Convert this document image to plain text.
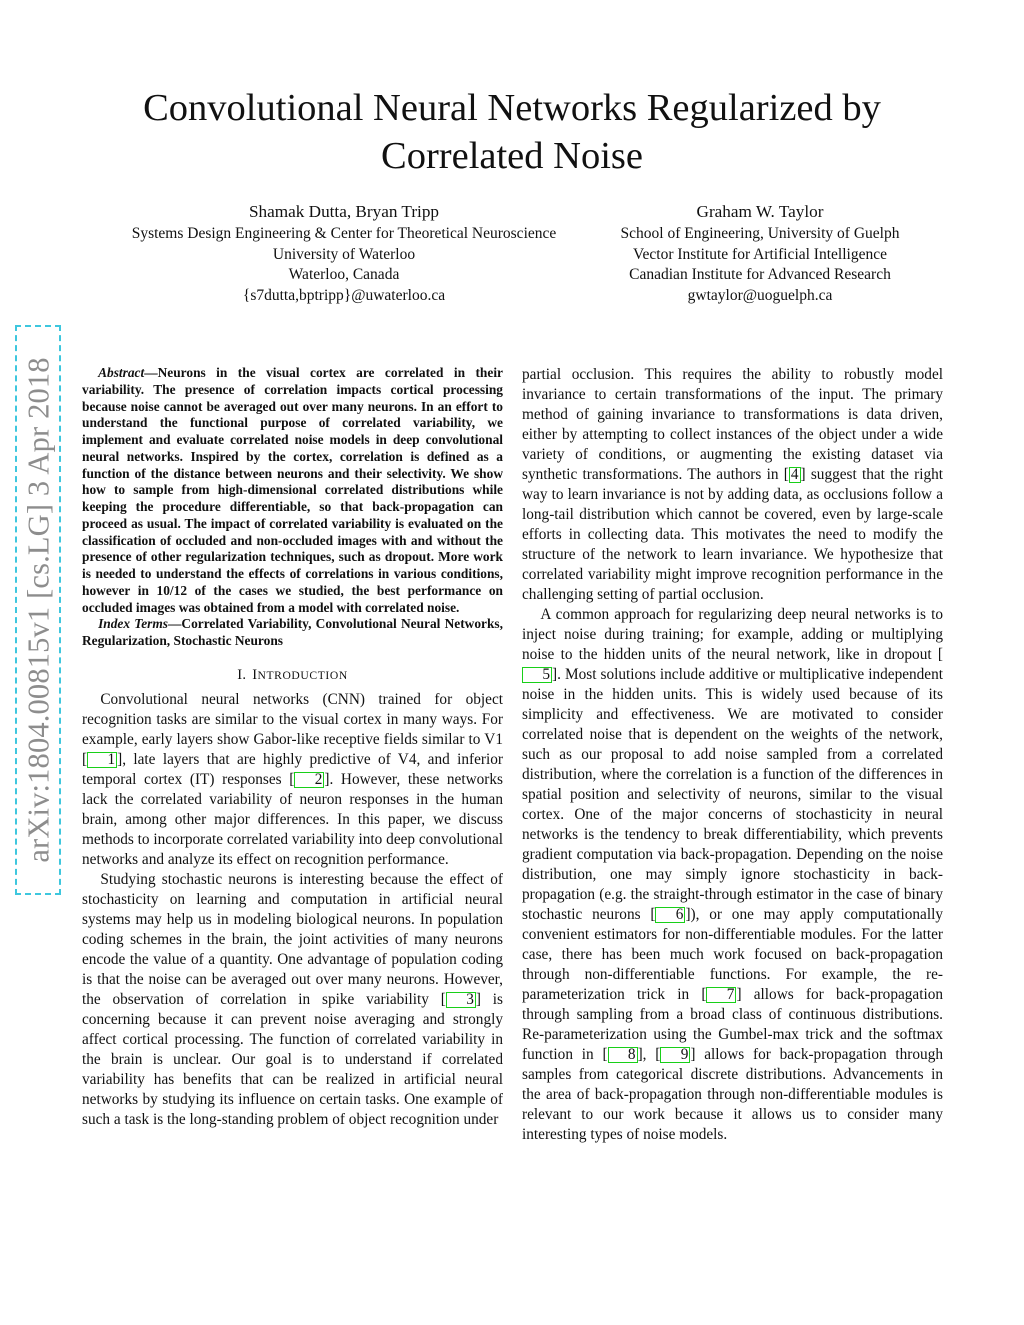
Convolutional Neural Networks Regularized by
Correlated Noise
Shamak Dutta, Bryan Tripp
Systems Design Engineering & Center for Theoretical Neuroscience
University of Waterloo
Waterloo, Canada
{s7dutta,bptripp}@uwaterloo.ca
Graham W. Taylor
School of Engineering, University of Guelph
Vector Institute for Artificial Intelligence
Canadian Institute for Advanced Research
gwtaylor@uoguelph.ca
arXiv:1804.00815v1 [cs.LG] 3 Apr 2018	Abstract—Neurons in the visual cortex are correlated in their variability. The presence of correlation impacts cortical processing because noise cannot be averaged out over many neurons. In an effort to understand the functional purpose of correlated variability, we implement and evaluate correlated noise models in deep convolutional neural networks. Inspired by the cortex, correlation is defined as a function of the distance between neurons and their selectivity. We show how to sample from high-dimensional correlated distributions while keeping the procedure differentiable, so that back-propagation can proceed as usual. The impact of correlated variability is evaluated on the classification of occluded and non-occluded images with and without the presence of other regularization techniques, such as dropout. More work is needed to understand the effects of correlations in various conditions, however in 10/12 of the cases we studied, the best performance on occluded images was obtained from a model with correlated noise.

Index Terms—Correlated Variability, Convolutional Neural Networks, Regularization, Stochastic Neurons

I. INTRODUCTION

Convolutional neural networks (CNN) trained for object recognition tasks are similar to the visual cortex in many ways. For example, early layers show Gabor-like receptive fields similar to V1 [ 1 ], late layers that are highly predictive of V4, and inferior temporal cortex (IT) responses [ 2 ]. However, these networks lack the correlated variability of neuron responses in the human brain, among other major differences. In this paper, we discuss methods to incorporate correlated variability into deep convolutional networks and analyze its effect on recognition performance.

Studying stochastic neurons is interesting because the effect of stochasticity on learning and computation in artificial neural systems may help us in modeling biological neurons. In population coding schemes in the brain, the joint activities of many neurons encode the value of a quantity. One advantage of population coding is that the noise can be averaged out over many neurons. However, the observation of correlation in spike variability [ 3 ] is concerning because it can prevent noise averaging and strongly affect cortical processing. The function of correlated variability in the brain is unclear. Our goal is to understand if correlated variability has benefits that can be realized in artificial neural networks by studying its influence on certain tasks. One example of such a task is the long-standing problem of object recognition under

partial occlusion. This requires the ability to robustly model invariance to certain transformations of the input. The primary method of gaining invariance to transformations is data driven, either by attempting to collect instances of the object under a wide variety of conditions, or augmenting the existing dataset via synthetic transformations. The authors in [ 4 ] suggest that the right way to learn invariance is not by adding data, as occlusions follow a long-tail distribution which cannot be covered, even by large-scale efforts in collecting data. This motivates the need to modify the structure of the network to learn invariance. We hypothesize that correlated variability might improve recognition performance in the challenging setting of partial occlusion.

A common approach for regularizing deep neural networks is to inject noise during training; for example, adding or multiplying noise to the hidden units of the neural network, like in dropout [5 ]. Most solutions include additive or multiplicative independent noise in the hidden units. This is widely used because of its simplicity and effectiveness. We are motivated to consider correlated noise that is dependent on the weights of the network, such as our proposal to add noise sampled from a correlated distribution, where the correlation is a function of the differences in spatial position and selectivity of neurons, similar to the visual cortex. One of the major concerns of stochasticity in neural networks is the tendency to break differentiability, which prevents gradient computation via back-propagation. Depending on the noise distribution, one may simply ignore stochasticity in back-propagation (e.g. the straight-through estimator in the case of binary stochastic neurons [ 6 ]), or one may apply computationally convenient estimators for non-differentiable modules. For the latter case, there has been much work focused on back-propagation through non-differentiable functions. For example, the re-parameterization trick in [ 7 ] allows for back-propagation through sampling from a broad class of continuous distributions. Re-parameterization using the Gumbel-max trick and the softmax function in [ 8 ], [ 9 ] allows for back-propagation through samples from categorical discrete distributions. Advancements in the area of back-propagation through non-differentiable modules is relevant to our work because it allows us to consider many interesting types of noise models.
